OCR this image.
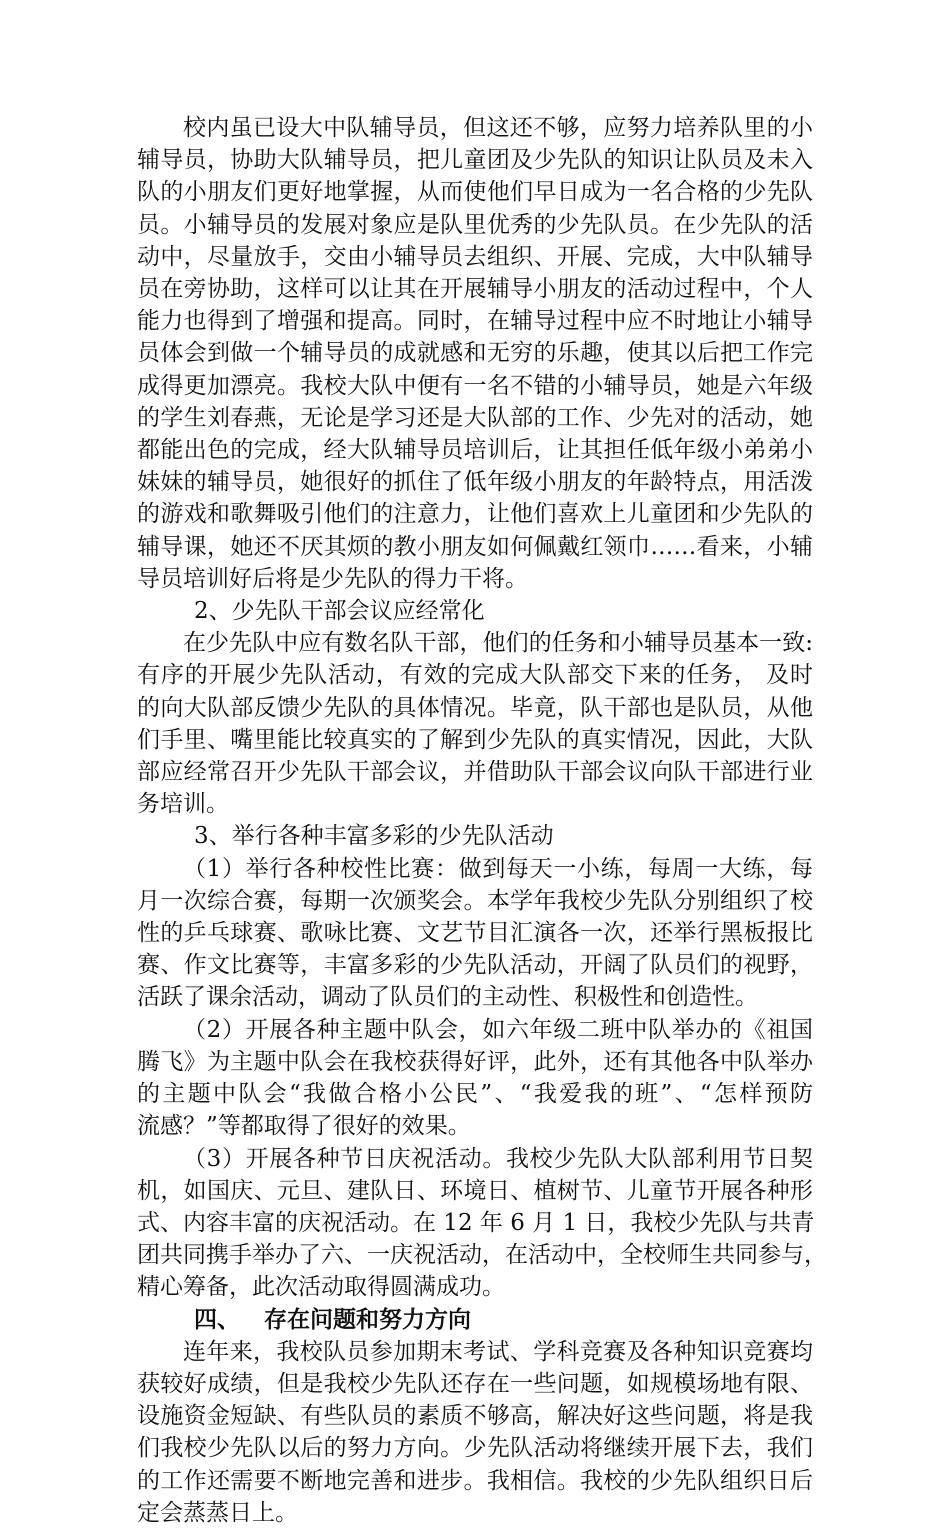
校内虽已设大中队辅导员，但这还不够，应努力培养队里的小
辅导员，协助大队辅导员，把儿童团及少先队的知识让队员及未入
队的小朋友们更好地掌握，从而使他们早日成为一名合格的少先队
员。小辅导员的发展对象应是队里优秀的少先队员。在少先队的活
动中，尽量放手，交由小辅导员去组织、开展、完成，大中队辅导
员在旁协助，这样可以让其在开展辅导小朋友的活动过程中，个人
能力也得到了增强和提高。同时，在辅导过程中应不时地让小辅导
员体会到做一个辅导员的成就感和无穷的乐趣，使其以后把工作完
成得更加漂亮。我校大队中便有一名不错的小辅导员，她是六年级
的学生刘春燕，无论是学习还是大队部的工作、少先对的活动，她
都能出色的完成，经大队辅导员培训后，让其担任低年级小弟弟小
妹妹的辅导员，她很好的抓住了低年级小朋友的年龄特点，用活泼
的游戏和歌舞吸引他们的注意力，让他们喜欢上儿童团和少先队的
辅导课，她还不厌其烦的教小朋友如何佩戴红领巾……看来，小辅
导员培训好后将是少先队的得力干将。
2、少先队干部会议应经常化
在少先队中应有数名队干部，他们的任务和小辅导员基本一致:
有序的开展少先队活动，有效的完成大队部交下来的任务， 及时
的向大队部反馈少先队的具体情况。毕竟，队干部也是队员，从他
们手里、嘴里能比较真实的了解到少先队的真实情况，因此，大队
部应经常召开少先队干部会议，并借助队干部会议向队干部进行业
务培训。
3、举行各种丰富多彩的少先队活动
（1）举行各种校性比赛：做到每天一小练，每周一大练，每
月一次综合赛，每期一次颁奖会。本学年我校少先队分别组织了校
性的乒乓球赛、歌咏比赛、文艺节目汇演各一次，还举行黑板报比
赛、作文比赛等，丰富多彩的少先队活动，开阔了队员们的视野，
活跃了课余活动，调动了队员们的主动性、积极性和创造性。
（2）开展各种主题中队会，如六年级二班中队举办的《祖国
腾飞》为主题中队会在我校获得好评，此外，还有其他各中队举办
的主题中队会“我做合格小公民”、“我爱我的班”、“怎样预防
流感？”等都取得了很好的效果。
（3）开展各种节日庆祝活动。我校少先队大队部利用节日契
机，如国庆、元旦、建队日、环境日、植树节、儿童节开展各种形
式、内容丰富的庆祝活动。在 12 年 6 月 1 日，我校少先队与共青
团共同携手举办了六、一庆祝活动，在活动中，全校师生共同参与，
精心筹备，此次活动取得圆满成功。
四、   存在问题和努力方向
连年来，我校队员参加期末考试、学科竞赛及各种知识竞赛均
获较好成绩，但是我校少先队还存在一些问题，如规模场地有限、
设施资金短缺、有些队员的素质不够高，解决好这些问题，将是我
们我校少先队以后的努力方向。少先队活动将继续开展下去，我们
的工作还需要不断地完善和进步。我相信。我校的少先队组织日后
定会蒸蒸日上。
